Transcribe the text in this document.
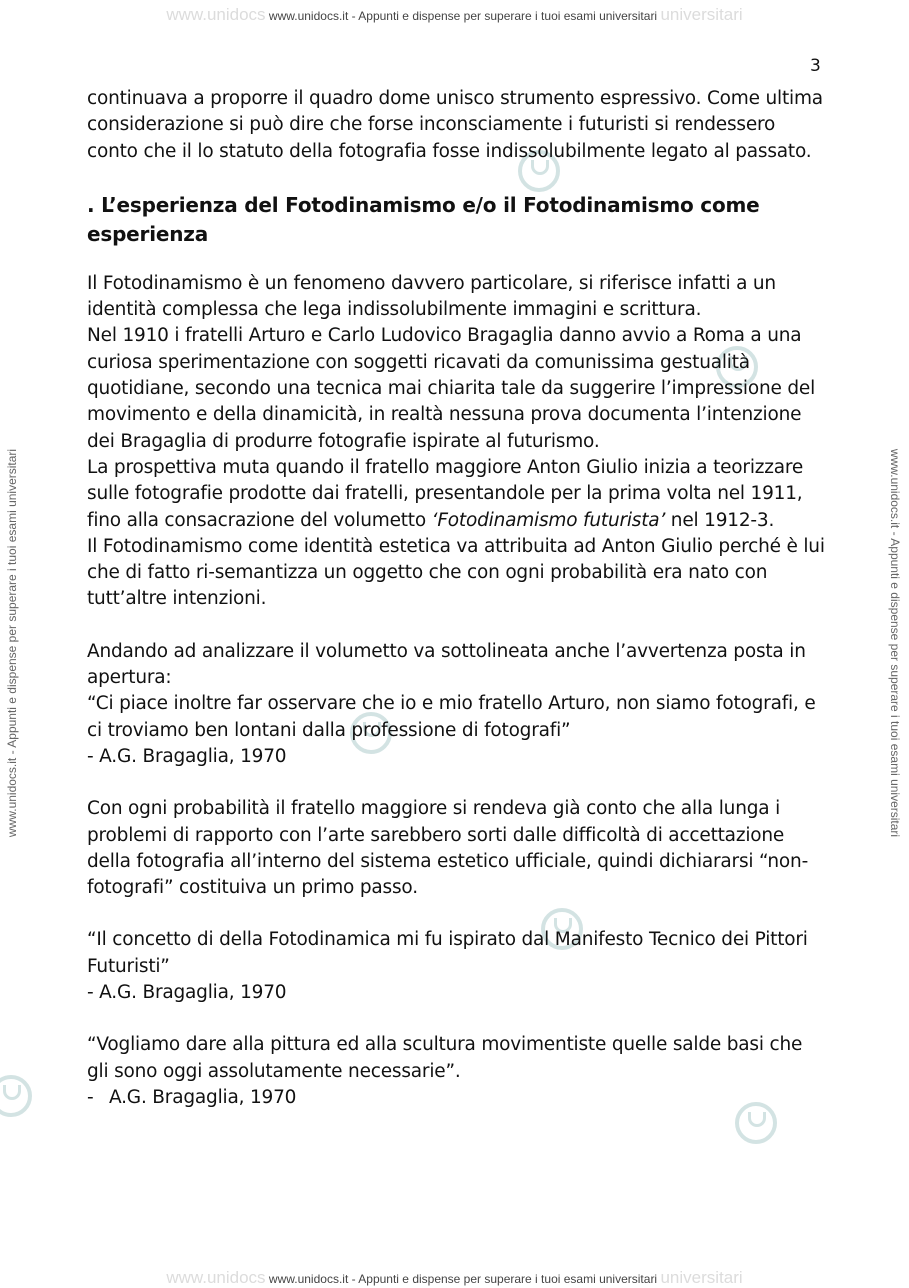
www.unidocs www.unidocs.it - Appunti e dispense per superare i tuoi esami universitari universitari
www.unidocs.it - Appunti e dispense per superare i tuoi esami universitari	www.unidocs.it - Appunti e dispense per superare i tuoi esami universitari
3

continuava a proporre il quadro dome unisco strumento espressivo. Come ultima considerazione si può dire che forse inconsciamente i futuristi si rendessero conto che il lo statuto della fotografia fosse indissolubilmente legato al passato.

. L’esperienza del Fotodinamismo e/o il Fotodinamismo come esperienza

Il Fotodinamismo è un fenomeno davvero particolare, si riferisce infatti a un identità complessa che lega indissolubilmente immagini e scrittura.
Nel 1910 i fratelli Arturo e Carlo Ludovico Bragaglia danno avvio a Roma a una curiosa sperimentazione con soggetti ricavati da comunissima gestualità quotidiane, secondo una tecnica mai chiarita tale da suggerire l’impressione del movimento e della dinamicità, in realtà nessuna prova documenta l’intenzione dei Bragaglia di produrre fotografie ispirate al futurismo.
La prospettiva muta quando il fratello maggiore Anton Giulio inizia a teorizzare sulle fotografie prodotte dai fratelli, presentandole per la prima volta nel 1911, fino alla consacrazione del volumetto ‘Fotodinamismo futurista’ nel 1912-3.
Il Fotodinamismo come identità estetica va attribuita ad Anton Giulio perché è lui che di fatto ri-semantizza un oggetto che con ogni probabilità era nato con tutt’altre intenzioni.

Andando ad analizzare il volumetto va sottolineata anche l’avvertenza posta in apertura:
“Ci piace inoltre far osservare che io e mio fratello Arturo, non siamo fotografi, e ci troviamo ben lontani dalla professione di fotografi”

- A.G. Bragaglia, 1970

Con ogni probabilità il fratello maggiore si rendeva già conto che alla lunga i problemi di rapporto con l’arte sarebbero sorti dalle difficoltà di accettazione della fotografia all’interno del sistema estetico ufficiale, quindi dichiararsi “non-fotografi” costituiva un primo passo.

“Il concetto di della Fotodinamica mi fu ispirato dal Manifesto Tecnico dei Pittori Futuristi”

- A.G. Bragaglia, 1970

“Vogliamo dare alla pittura ed alla scultura movimentiste quelle salde basi che gli sono oggi assolutamente necessarie”.

- A.G. Bragaglia, 1970

www.unidocs www.unidocs.it - Appunti e dispense per superare i tuoi esami universitari universitari
